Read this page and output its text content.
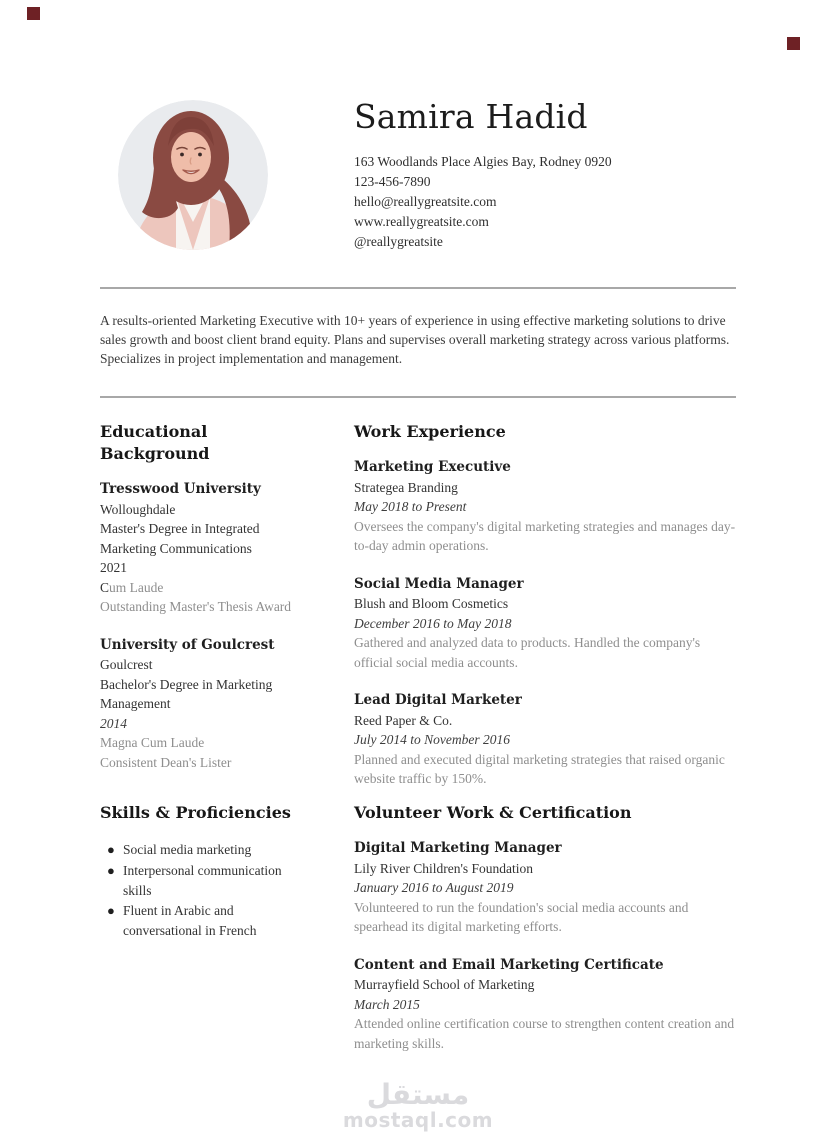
Samira Hadid
163 Woodlands Place Algies Bay, Rodney 0920
123-456-7890
hello@reallygreatsite.com
www.reallygreatsite.com
@reallygreatsite

A results-oriented Marketing Executive with 10+ years of experience in using effective marketing solutions to drive sales growth and boost client brand equity. Plans and supervises overall marketing strategy across various platforms. Specializes in project implementation and management.

Educational Background
Tresswood University
Wolloughdale
Master's Degree in Integrated Marketing Communications
2021
Cum Laude
Outstanding Master's Thesis Award
University of Goulcrest
Goulcrest
Bachelor's Degree in Marketing Management
2014
Magna Cum Laude
Consistent Dean's Lister
Work Experience
Marketing Executive
Strategea Branding
May 2018 to Present
Oversees the company's digital marketing strategies and manages day-to-day admin operations.
Social Media Manager
Blush and Bloom Cosmetics
December 2016 to May 2018
Gathered and analyzed data to products. Handled the company's official social media accounts.
Lead Digital Marketer
Reed Paper & Co.
July 2014 to November 2016
Planned and executed digital marketing strategies that raised organic website traffic by 150%.
Skills & Proficiencies
● Social media marketing
● Interpersonal communication skills
● Fluent in Arabic and conversational in French
Volunteer Work & Certification
Digital Marketing Manager
Lily River Children's Foundation
January 2016 to August 2019
Volunteered to run the foundation's social media accounts and spearhead its digital marketing efforts.
Content and Email Marketing Certificate
Murrayfield School of Marketing
March 2015
Attended online certification course to strengthen content creation and marketing skills.
مستقل
mostaql.com
